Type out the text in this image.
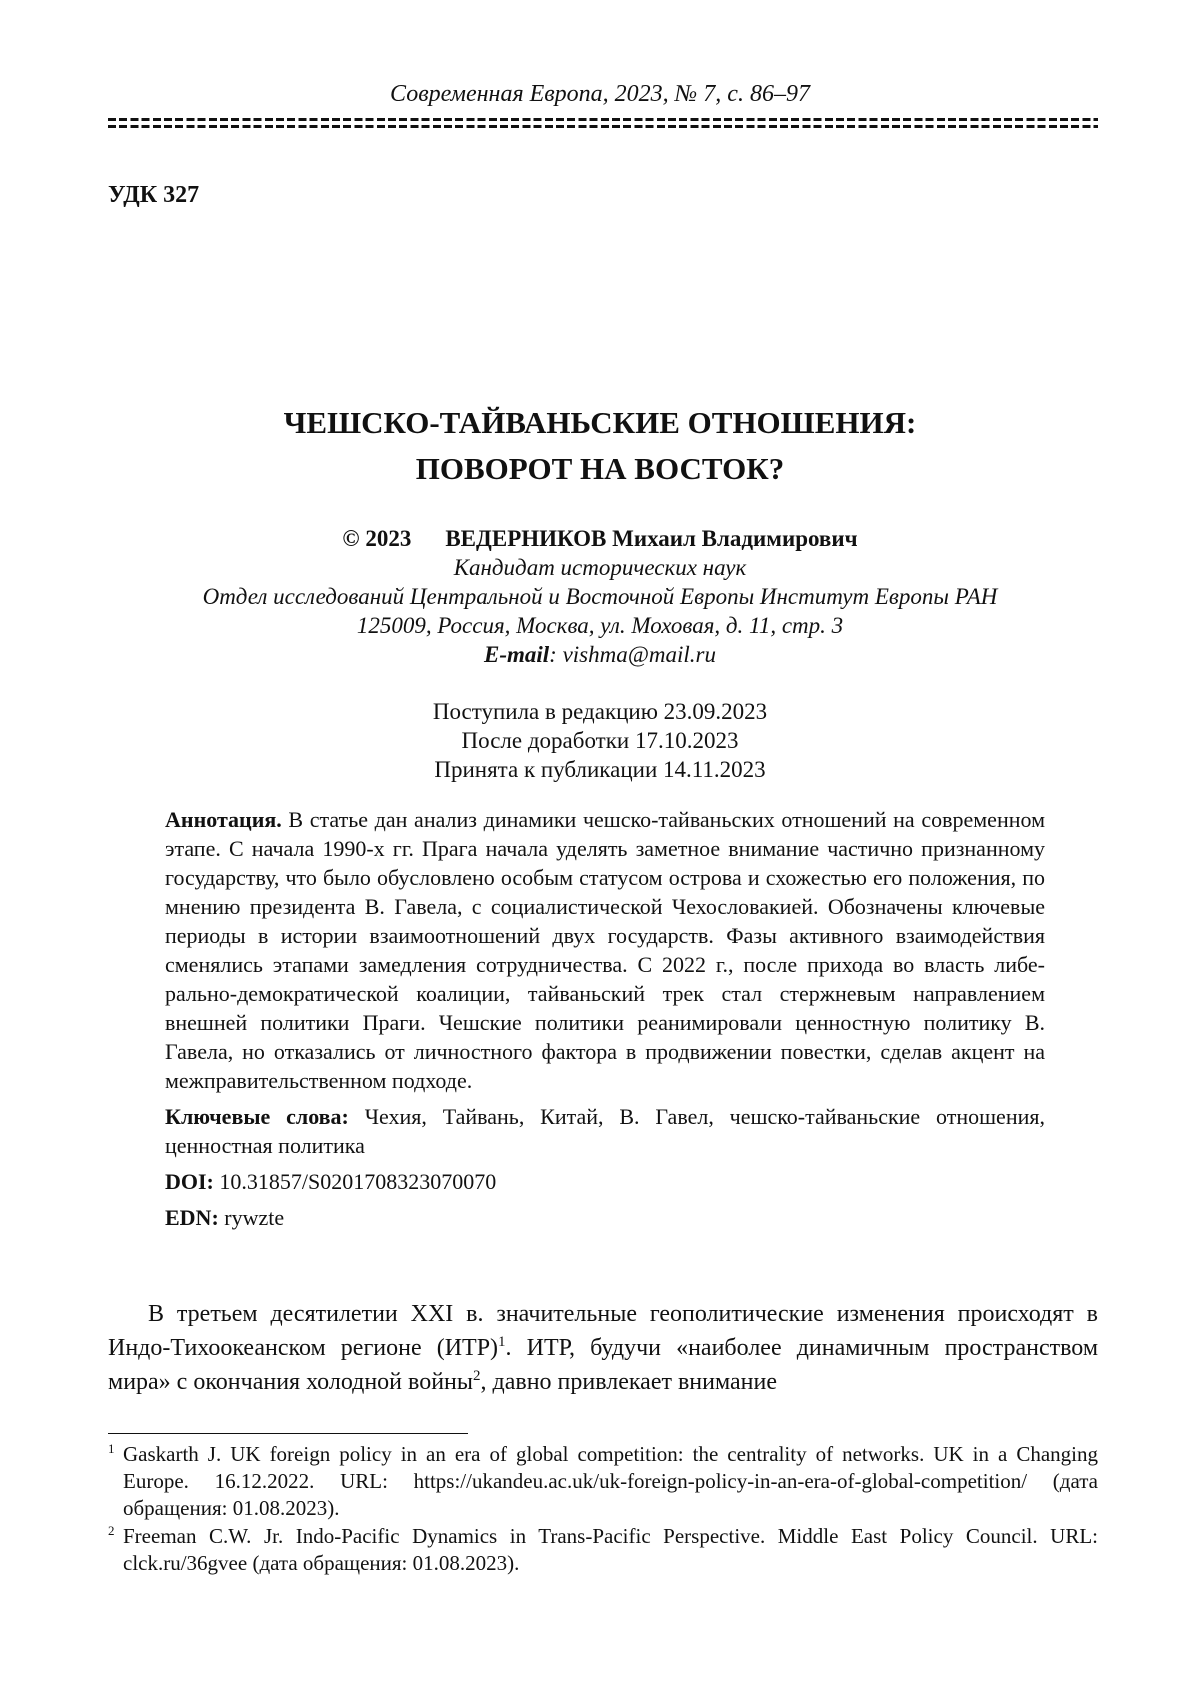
Современная Европа, 2023, № 7, с. 86–97
УДК 327
ЧЕШСКО-ТАЙВАНЬСКИЕ ОТНОШЕНИЯ:
ПОВОРОТ НА ВОСТОК?
© 2023 ВЕДЕРНИКОВ Михаил Владимирович
Кандидат исторических наук
Отдел исследований Центральной и Восточной Европы Институт Европы РАН
125009, Россия, Москва, ул. Моховая, д. 11, стр. 3
E-mail: vishma@mail.ru
Поступила в редакцию 23.09.2023
После доработки 17.10.2023
Принята к публикации 14.11.2023
Аннотация. В статье дан анализ динамики чешско-тайваньских отношений на современном этапе. С начала 1990-х гг. Прага начала уделять заметное внимание частично признанному государству, что было обусловлено особым статусом острова и схожестью его положения, по мнению президента В. Гавела, с социалистической Чехословакией. Обозначены ключевые периоды в истории взаимоотношений двух государств. Фазы активного взаимодействия сменялись этапами замедления сотрудничества. С 2022 г., после прихода во власть либерально-демократической коалиции, тайваньский трек стал стержневым направлением внешней политики Праги. Чешские политики реанимировали ценностную политику В. Гавела, но отказались от личностного фактора в продвижении повестки, сделав акцент на межправительственном подходе.
Ключевые слова: Чехия, Тайвань, Китай, В. Гавел, чешско-тайваньские отношения, ценностная политика
DOI: 10.31857/S0201708323070070
EDN: rywzte
В третьем десятилетии XXI в. значительные геополитические изменения происходят в Индо-Тихоокеанском регионе (ИТР)$^1$. ИТР, будучи «наиболее динамичным пространством мира» с окончания холодной войны$^2$, давно привлекает внимание
$^1$ Gaskarth J. UK foreign policy in an era of global competition: the centrality of networks. UK in a Changing Europe. 16.12.2022. URL: https://ukandeu.ac.uk/uk-foreign-policy-in-an-era-of-global-competition/ (дата обращения: 01.08.2023).
$^2$ Freeman C.W. Jr. Indo-Pacific Dynamics in Trans-Pacific Perspective. Middle East Policy Council. URL: clck.ru/36gvee (дата обращения: 01.08.2023).
